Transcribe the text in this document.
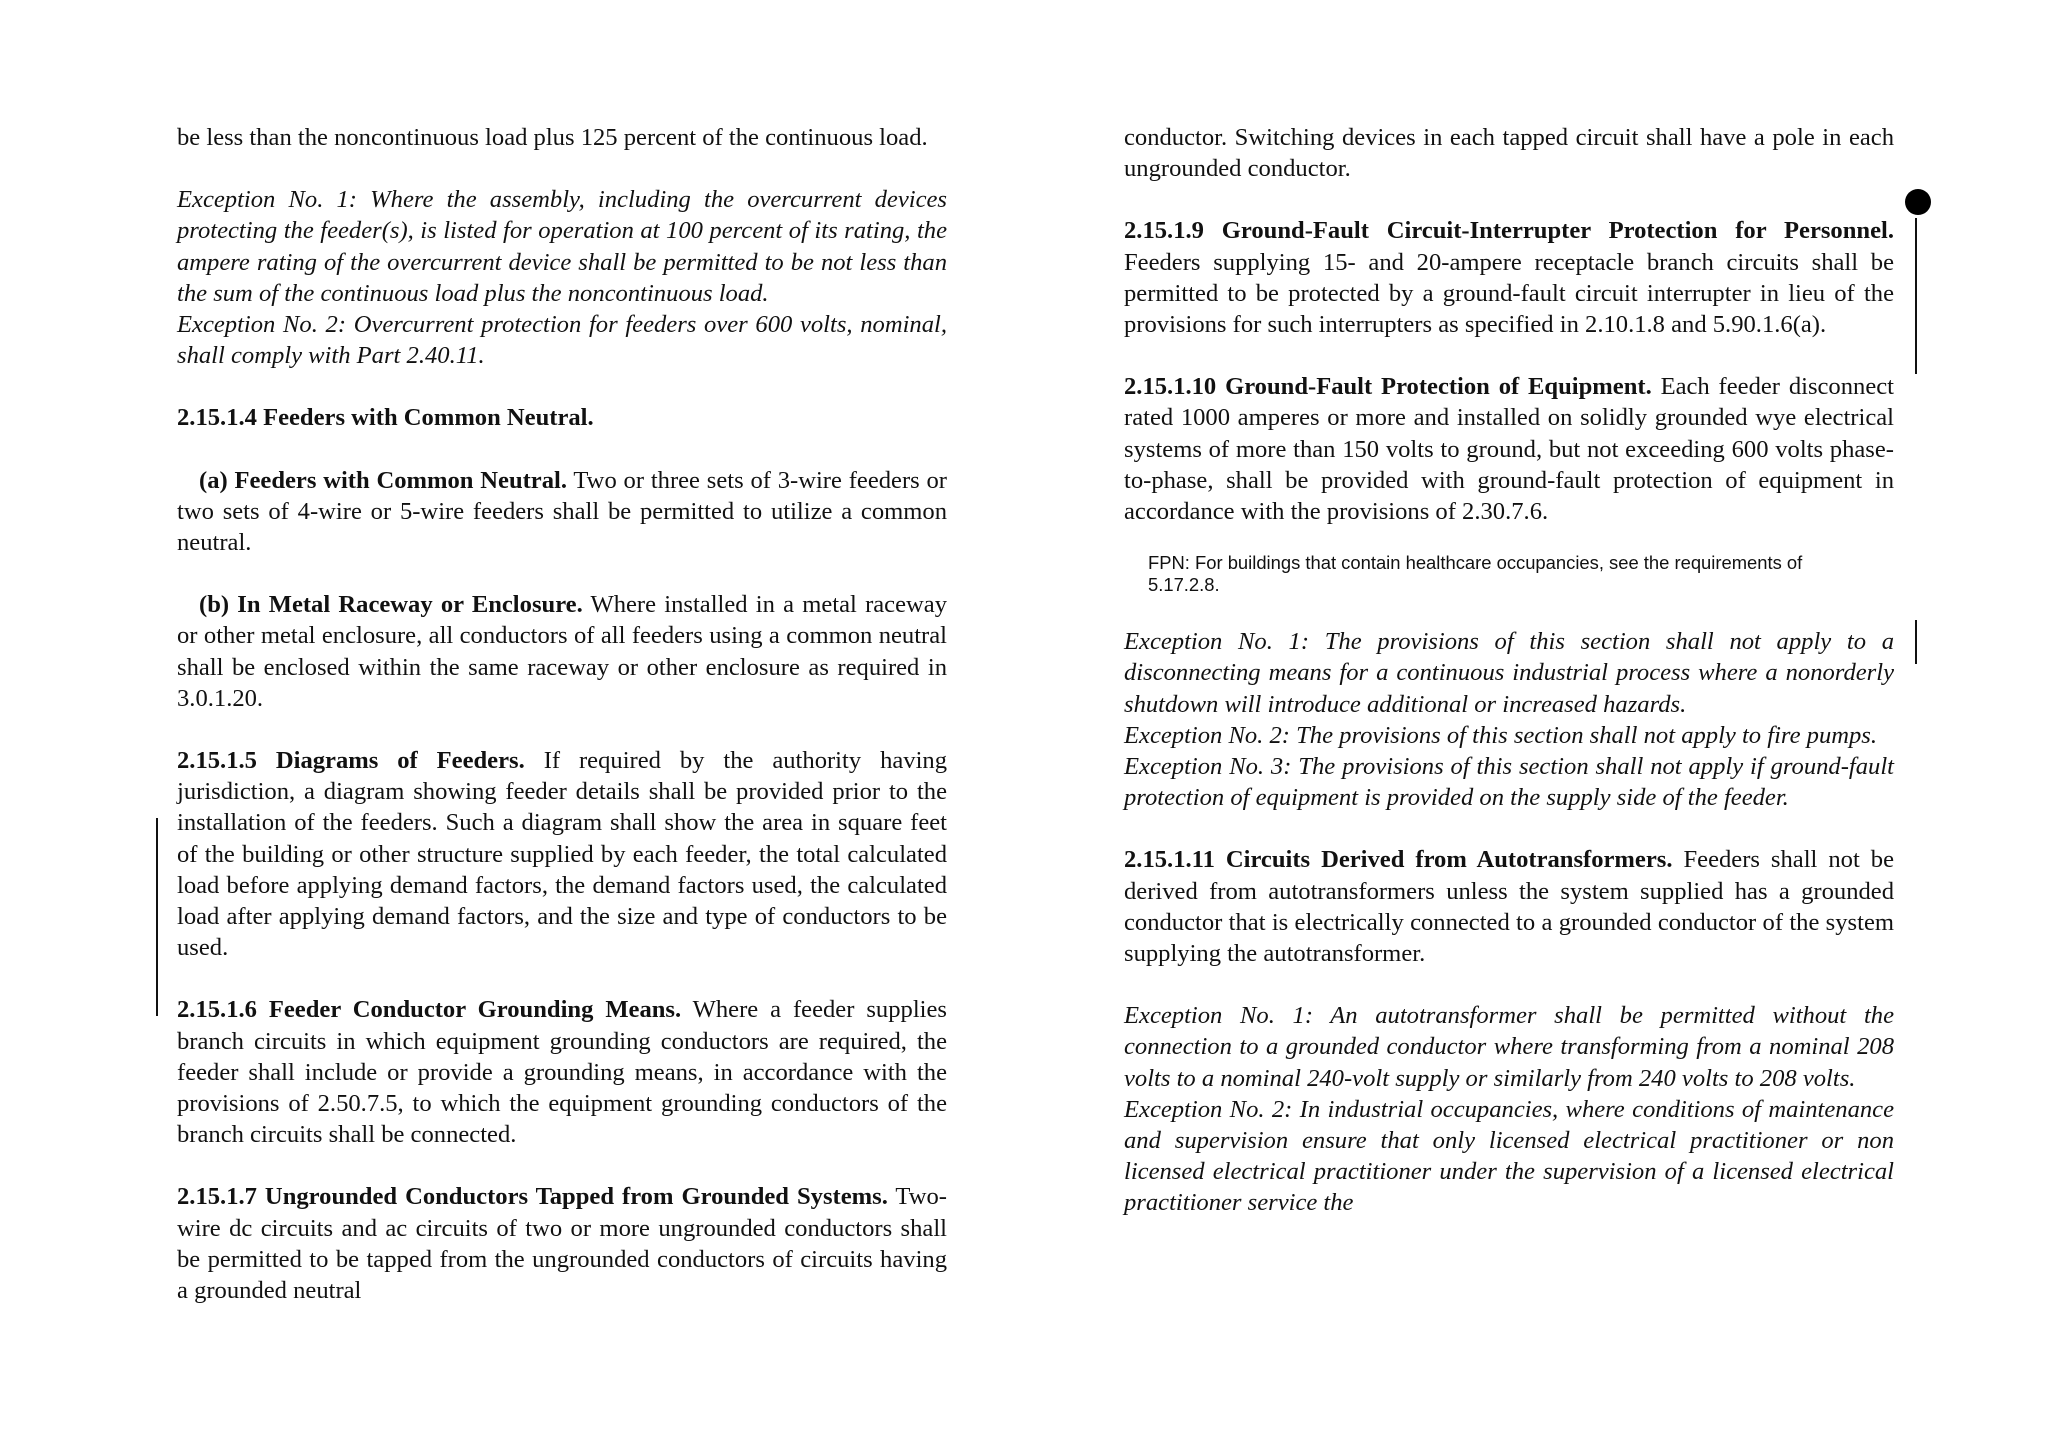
be less than the noncontinuous load plus 125 percent of the continuous load.

Exception No. 1: Where the assembly, including the overcurrent devices protecting the feeder(s), is listed for operation at 100 percent of its rating, the ampere rating of the overcurrent device shall be permitted to be not less than the sum of the continuous load plus the noncontinuous load.

Exception No. 2: Overcurrent protection for feeders over 600 volts, nominal, shall comply with Part 2.40.11.

2.15.1.4 Feeders with Common Neutral.

(a) Feeders with Common Neutral. Two or three sets of 3-wire feeders or two sets of 4-wire or 5-wire feeders shall be permitted to utilize a common neutral.

(b) In Metal Raceway or Enclosure. Where installed in a metal raceway or other metal enclosure, all conductors of all feeders using a common neutral shall be enclosed within the same raceway or other enclosure as required in 3.0.1.20.

2.15.1.5 Diagrams of Feeders. If required by the authority having jurisdiction, a diagram showing feeder details shall be provided prior to the installation of the feeders. Such a diagram shall show the area in square feet of the building or other structure supplied by each feeder, the total calculated load before applying demand factors, the demand factors used, the calculated load after applying demand factors, and the size and type of conductors to be used.

2.15.1.6 Feeder Conductor Grounding Means. Where a feeder supplies branch circuits in which equipment grounding conductors are required, the feeder shall include or provide a grounding means, in accordance with the provisions of 2.50.7.5, to which the equipment grounding conductors of the branch circuits shall be connected.

2.15.1.7 Ungrounded Conductors Tapped from Grounded Systems. Two-wire dc circuits and ac circuits of two or more ungrounded conductors shall be permitted to be tapped from the ungrounded conductors of circuits having a grounded neutral

conductor. Switching devices in each tapped circuit shall have a pole in each ungrounded conductor.

2.15.1.9 Ground-Fault Circuit-Interrupter Protection for Personnel. Feeders supplying 15- and 20-ampere receptacle branch circuits shall be permitted to be protected by a ground-fault circuit interrupter in lieu of the provisions for such interrupters as specified in 2.10.1.8 and 5.90.1.6(a).

2.15.1.10 Ground-Fault Protection of Equipment. Each feeder disconnect rated 1000 amperes or more and installed on solidly grounded wye electrical systems of more than 150 volts to ground, but not exceeding 600 volts phase-to-phase, shall be provided with ground-fault protection of equipment in accordance with the provisions of 2.30.7.6.

FPN: For buildings that contain healthcare occupancies, see the requirements of 5.17.2.8.

Exception No. 1: The provisions of this section shall not apply to a disconnecting means for a continuous industrial process where a nonorderly shutdown will introduce additional or increased hazards.

Exception No. 2: The provisions of this section shall not apply to fire pumps.

Exception No. 3: The provisions of this section shall not apply if ground-fault protection of equipment is provided on the supply side of the feeder.

2.15.1.11 Circuits Derived from Autotransformers. Feeders shall not be derived from autotransformers unless the system supplied has a grounded conductor that is electrically connected to a grounded conductor of the system supplying the autotransformer.

Exception No. 1: An autotransformer shall be permitted without the connection to a grounded conductor where transforming from a nominal 208 volts to a nominal 240-volt supply or similarly from 240 volts to 208 volts.

Exception No. 2: In industrial occupancies, where conditions of maintenance and supervision ensure that only licensed electrical practitioner or non licensed electrical practitioner under the supervision of a licensed electrical practitioner service the
